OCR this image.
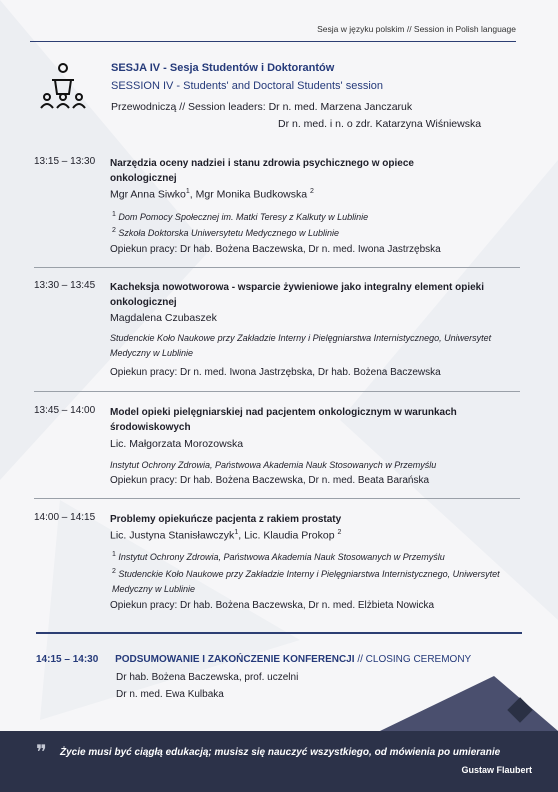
Sesja w języku polskim // Session in Polish language
SESJA IV - Sesja Studentów i Doktorantów
SESSION IV - Students' and Doctoral Students' session
Przewodniczą // Session leaders: Dr n. med. Marzena Janczaruk
Dr n. med. i n. o zdr. Katarzyna Wiśniewska
13:15 – 13:30 Narzędzia oceny nadziei i stanu zdrowia psychicznego w opiece onkologicznej
Mgr Anna Siwko$^1$, Mgr Monika Budkowska $^2$
$^1$ Dom Pomocy Społecznej im. Matki Teresy z Kalkuty w Lublinie
$^2$ Szkoła Doktorska Uniwersytetu Medycznego w Lublinie
Opiekun pracy: Dr hab. Bożena Baczewska, Dr n. med. Iwona Jastrzębska
13:30 – 13:45 Kacheksja nowotworowa - wsparcie żywieniowe jako integralny element opieki onkologicznej
Magdalena Czubaszek
Studenckie Koło Naukowe przy Zakładzie Interny i Pielęgniarstwa Internistycznego, Uniwersytet Medyczny w Lublinie
Opiekun pracy: Dr n. med. Iwona Jastrzębska, Dr hab. Bożena Baczewska
13:45 – 14:00 Model opieki pielęgniarskiej nad pacjentem onkologicznym w warunkach środowiskowych
Lic. Małgorzata Morozowska
Instytut Ochrony Zdrowia, Państwowa Akademia Nauk Stosowanych w Przemyślu
Opiekun pracy: Dr hab. Bożena Baczewska, Dr n. med. Beata Barańska
14:00 – 14:15 Problemy opiekuńcze pacjenta z rakiem prostaty
Lic. Justyna Stanisławczyk$^1$, Lic. Klaudia Prokop $^2$
$^1$ Instytut Ochrony Zdrowia, Państwowa Akademia Nauk Stosowanych w Przemyślu
$^2$ Studenckie Koło Naukowe przy Zakładzie Interny i Pielęgniarstwa Internistycznego, Uniwersytet Medyczny w Lublinie
Opiekun pracy: Dr hab. Bożena Baczewska, Dr n. med. Elżbieta Nowicka
14:15 – 14:30 PODSUMOWANIE I ZAKOŃCZENIE KONFERENCJI // CLOSING CEREMONY
Dr hab. Bożena Baczewska, prof. uczelni
Dr n. med. Ewa Kulbaka
❞ Życie musi być ciągłą edukacją; musisz się nauczyć wszystkiego, od mówienia po umieranie
Gustaw Flaubert
